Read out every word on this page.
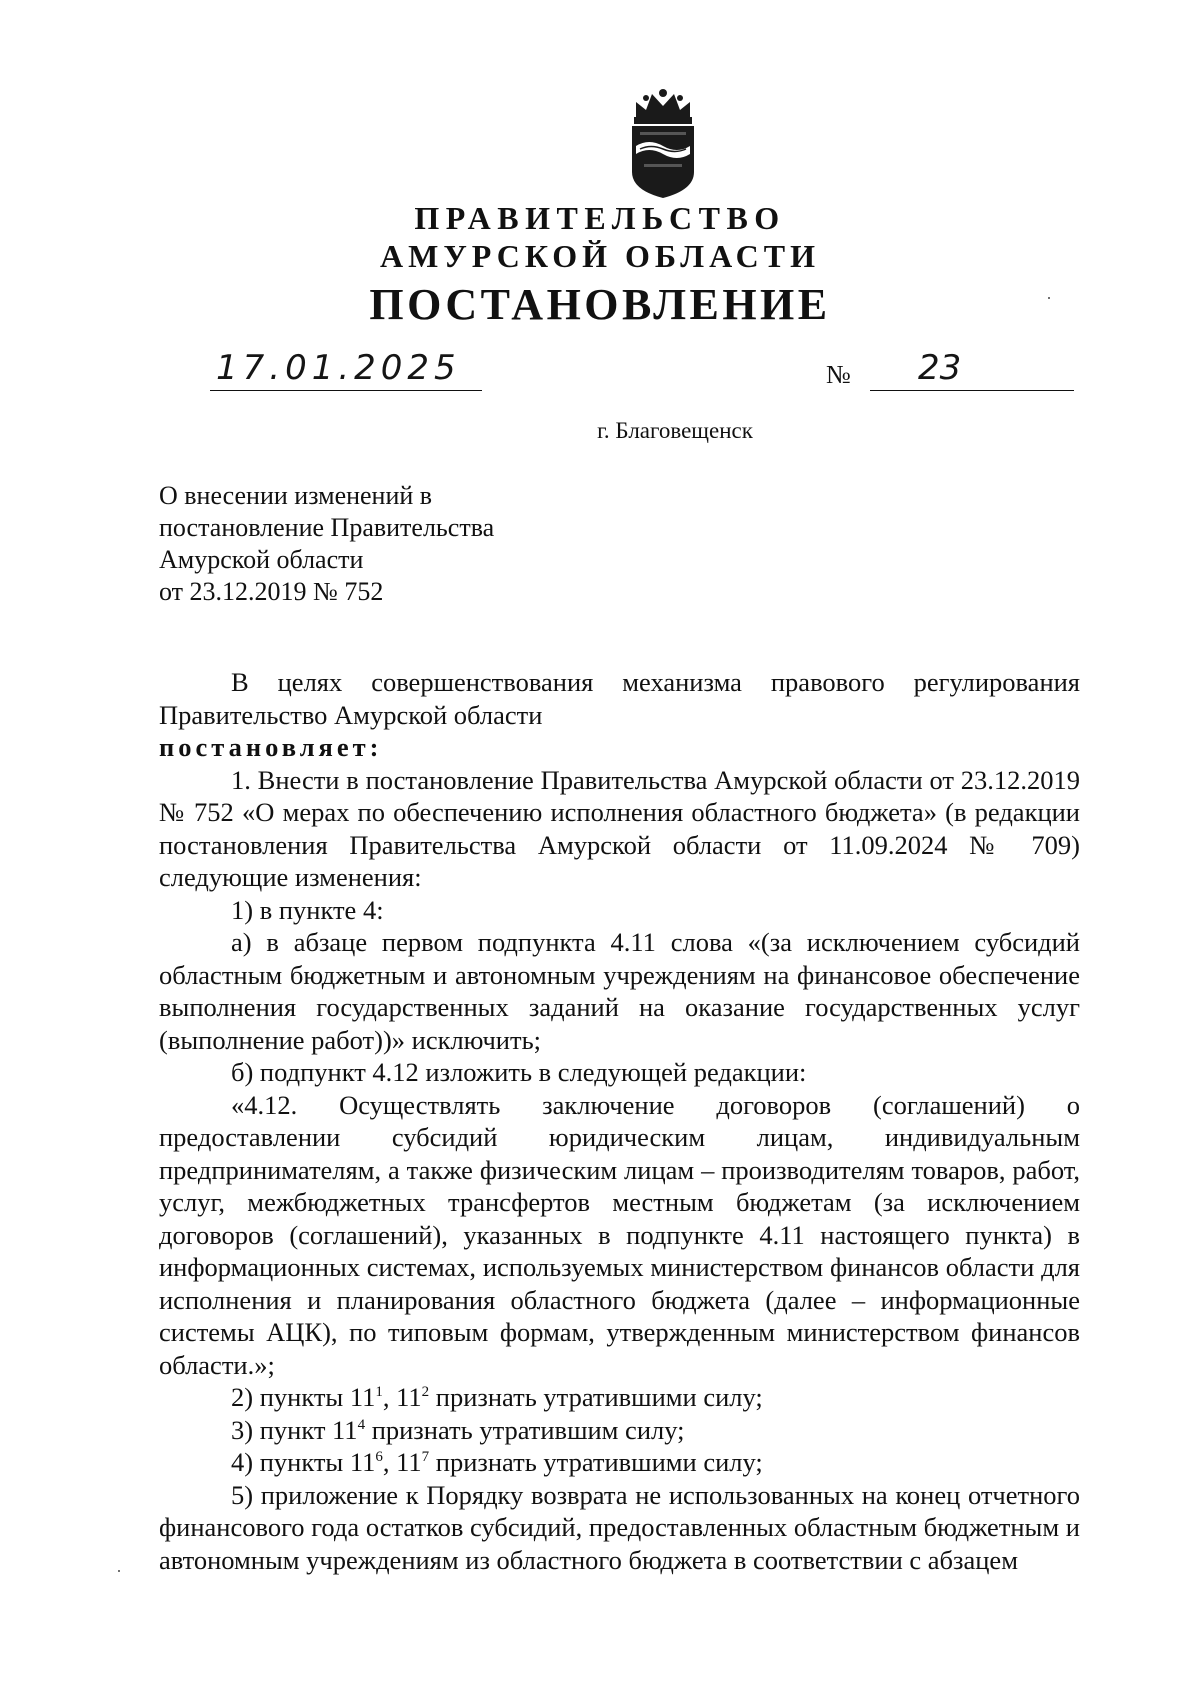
ПРАВИТЕЛЬСТВО
АМУРСКОЙ ОБЛАСТИ
ПОСТАНОВЛЕНИЕ
17.01.2025	№ 23
г. Благовещенск
О внесении изменений в
постановление Правительства
Амурской области
от 23.12.2019 № 752

В целях совершенствования механизма правового регулирования Правительство Амурской области

постановляет:

1. Внести в постановление Правительства Амурской области от 23.12.2019 № 752 «О мерах по обеспечению исполнения областного бюджета» (в редакции постановления Правительства Амурской области от 11.09.2024 № 709) следующие изменения:

1) в пункте 4:

а) в абзаце первом подпункта 4.11 слова «(за исключением субсидий областным бюджетным и автономным учреждениям на финансовое обеспечение выполнения государственных заданий на оказание государственных услуг (выполнение работ))» исключить;

б) подпункт 4.12 изложить в следующей редакции:

«4.12. Осуществлять заключение договоров (соглашений) о предоставлении субсидий юридическим лицам, индивидуальным предпринимателям, а также физическим лицам – производителям товаров, работ, услуг, межбюджетных трансфертов местным бюджетам (за исключением договоров (соглашений), указанных в подпункте 4.11 настоящего пункта) в информационных системах, используемых министерством финансов области для исполнения и планирования областного бюджета (далее – информационные системы АЦК), по типовым формам, утвержденным министерством финансов области.»;

2) пункты $11^1$, $11^2$ признать утратившими силу;

3) пункт $11^4$ признать утратившим силу;

4) пункты $11^6$, $11^7$ признать утратившими силу;

5) приложение к Порядку возврата не использованных на конец отчетного финансового года остатков субсидий, предоставленных областным бюджетным и автономным учреждениям из областного бюджета в соответствии с абзацем
